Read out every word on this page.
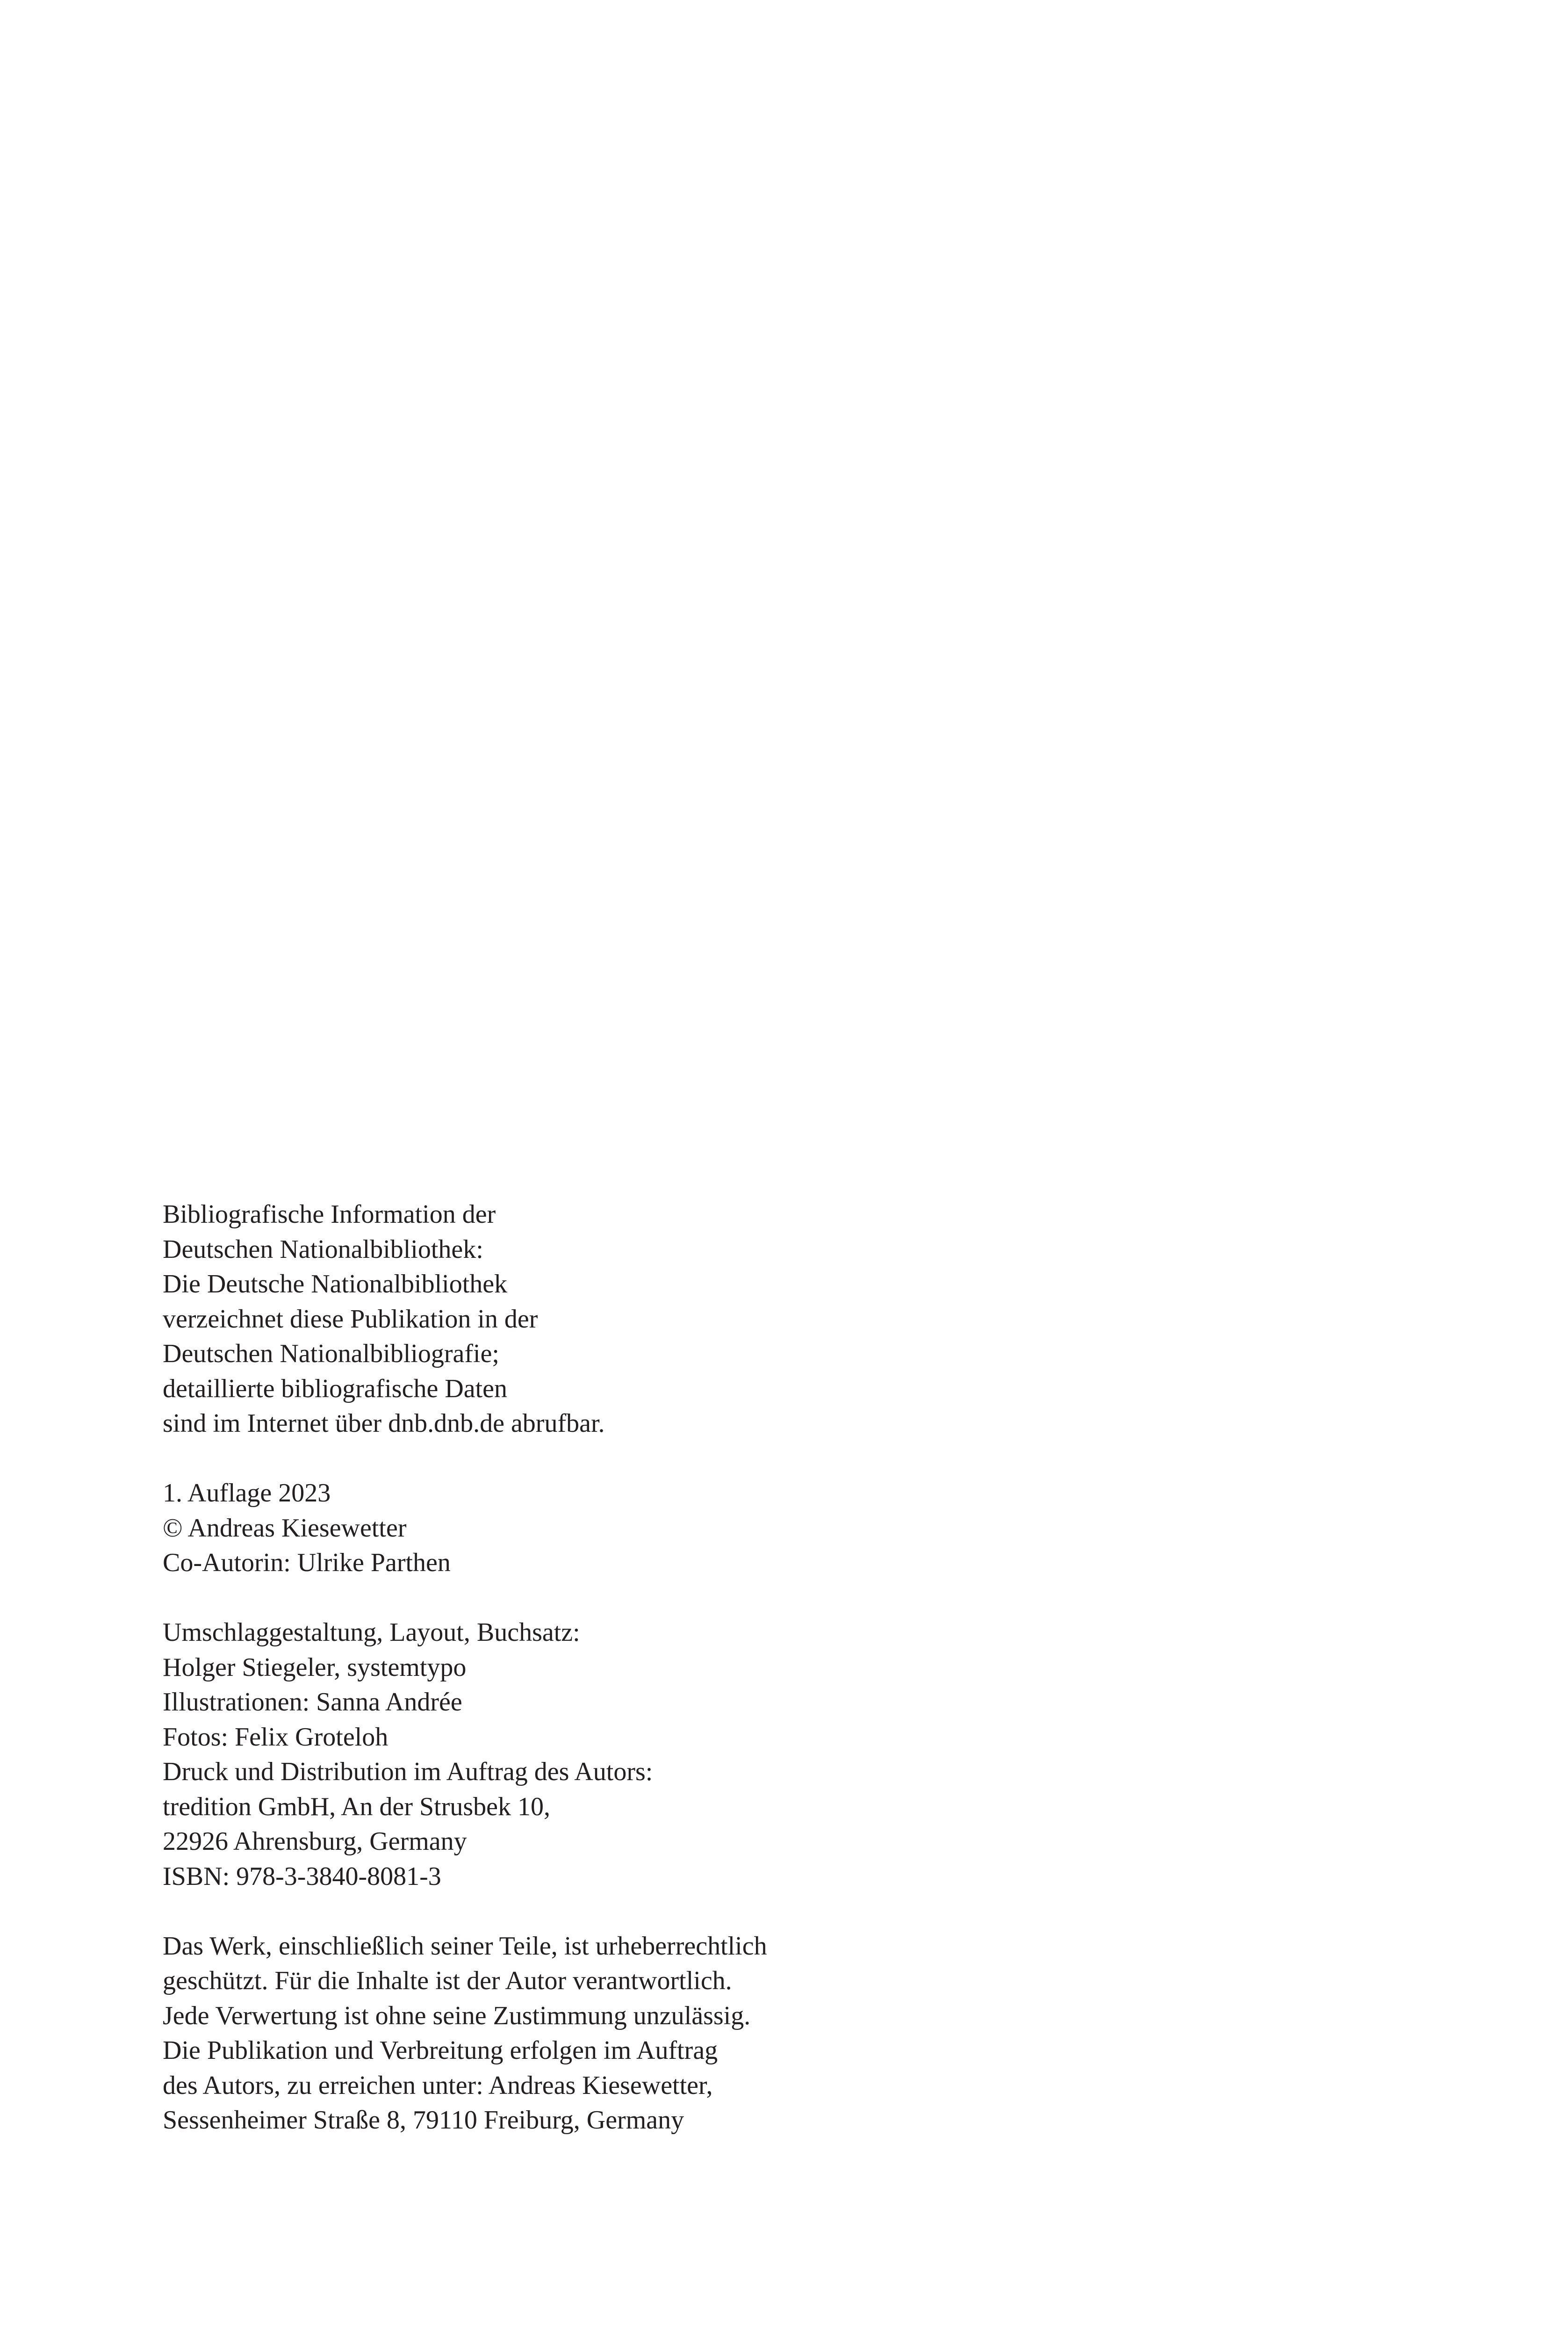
Bibliografische Information der
Deutschen Nationalbibliothek:
Die Deutsche Nationalbibliothek
verzeichnet diese Publikation in der
Deutschen Nationalbibliografie;
detaillierte bibliografische Daten
sind im Internet über dnb.dnb.de abrufbar.

1. Auflage 2023
© Andreas Kiesewetter
Co-Autorin: Ulrike Parthen

Umschlaggestaltung, Layout, Buchsatz:
Holger Stiegeler, systemtypo
Illustrationen: Sanna Andrée
Fotos: Felix Groteloh
Druck und Distribution im Auftrag des Autors:
tredition GmbH, An der Strusbek 10,
22926 Ahrensburg, Germany
ISBN: 978-3-3840-8081-3

Das Werk, einschließlich seiner Teile, ist urheberrechtlich
geschützt. Für die Inhalte ist der Autor verantwortlich.
Jede Verwertung ist ohne seine Zustimmung unzulässig.
Die Publikation und Verbreitung erfolgen im Auftrag
des Autors, zu erreichen unter: Andreas Kiesewetter,
Sessenheimer Straße 8, 79110 Freiburg, Germany
